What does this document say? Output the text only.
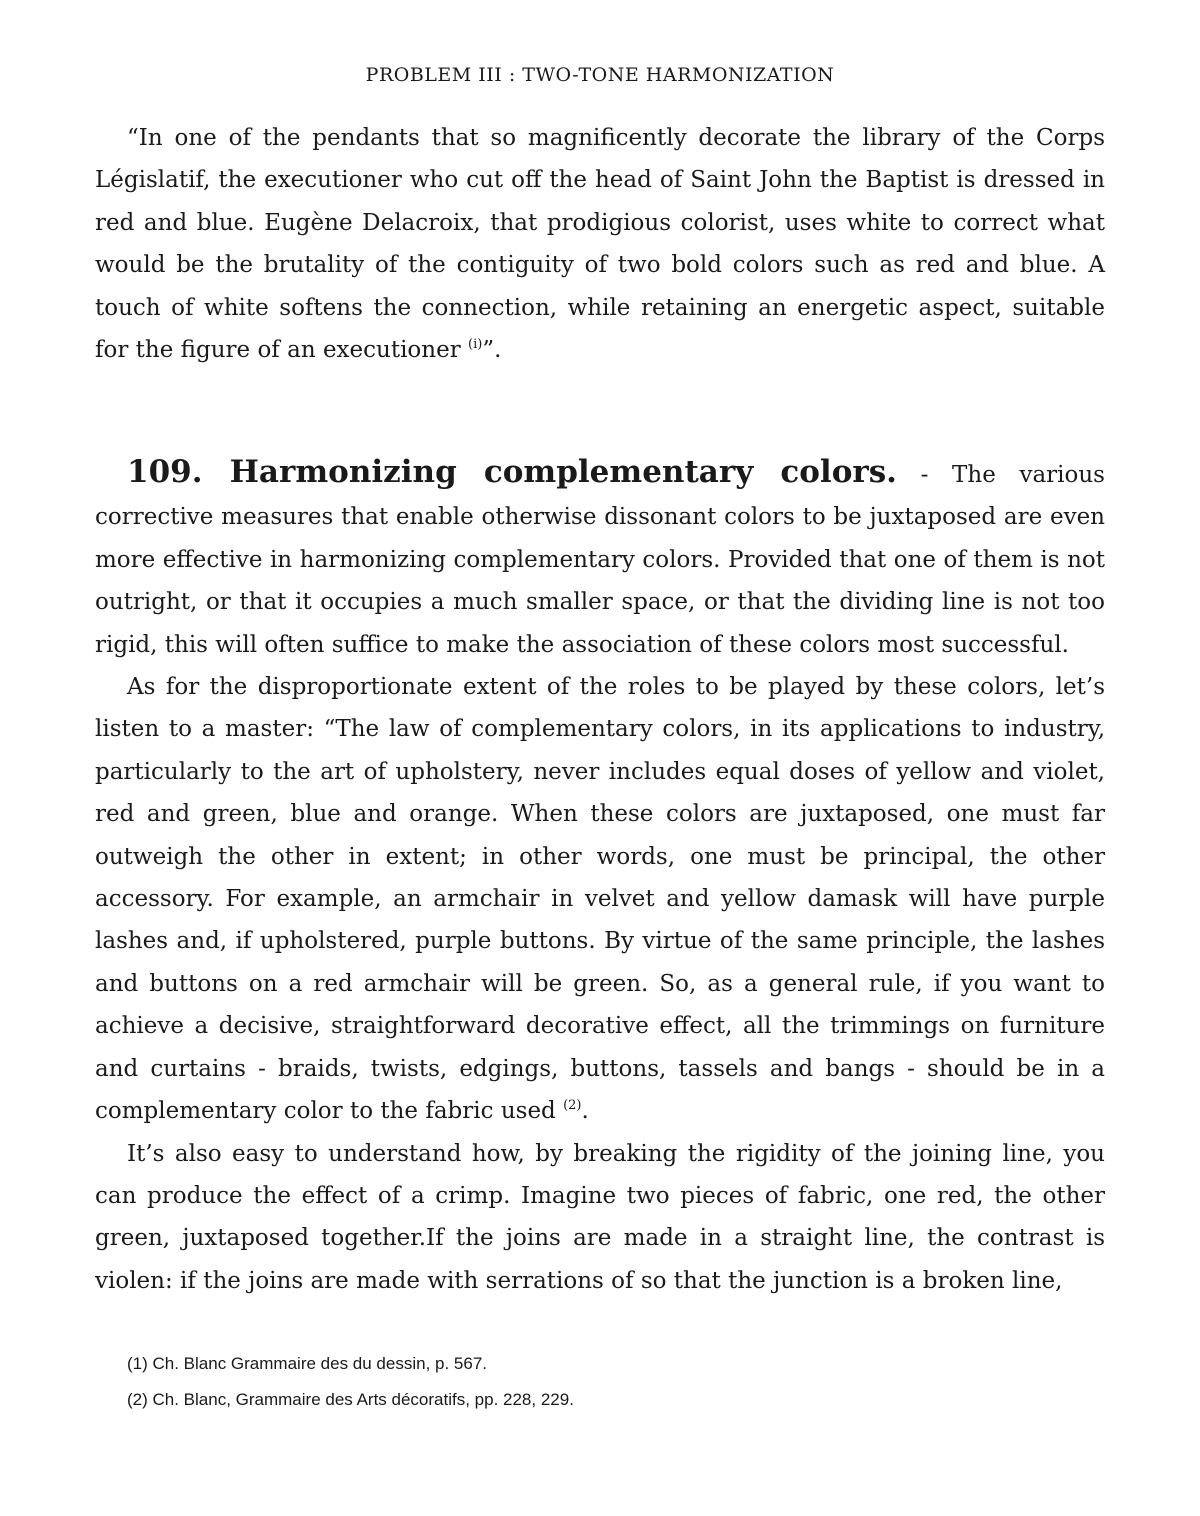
PROBLEM III : TWO-TONE HARMONIZATION

“In one of the pendants that so magnificently decorate the library of the Corps Législatif, the executioner who cut off the head of Saint John the Baptist is dressed in red and blue. Eugène Delacroix, that prodigious colorist, uses white to correct what would be the brutality of the contiguity of two bold colors such as red and blue. A touch of white softens the connection, while retaining an energetic aspect, suitable for the figure of an executioner $^{(i)}$”.

109. Harmonizing complementary colors. - The various corrective measures that enable otherwise dissonant colors to be juxtaposed are even more effective in harmonizing complementary colors. Provided that one of them is not outright, or that it occupies a much smaller space, or that the dividing line is not too rigid, this will often suffice to make the association of these colors most successful.

As for the disproportionate extent of the roles to be played by these colors, let’s listen to a master: “The law of complementary colors, in its applications to industry, particularly to the art of upholstery, never includes equal doses of yellow and violet, red and green, blue and orange. When these colors are juxtaposed, one must far outweigh the other in extent; in other words, one must be principal, the other accessory. For example, an armchair in velvet and yellow damask will have purple lashes and, if upholstered, purple buttons. By virtue of the same principle, the lashes and buttons on a red armchair will be green. So, as a general rule, if you want to achieve a decisive, straightforward decorative effect, all the trimmings on furniture and curtains - braids, twists, edgings, buttons, tassels and bangs - should be in a complementary color to the fabric used $^{(2)}$.

It’s also easy to understand how, by breaking the rigidity of the joining line, you can produce the effect of a crimp. Imagine two pieces of fabric, one red, the other green, juxtaposed together.If the joins are made in a straight line, the contrast is violen: if the joins are made with serrations of so that the junction is a broken line,

(1) Ch. Blanc Grammaire des du dessin, p. 567.
(2) Ch. Blanc, Grammaire des Arts décoratifs, pp. 228, 229.
